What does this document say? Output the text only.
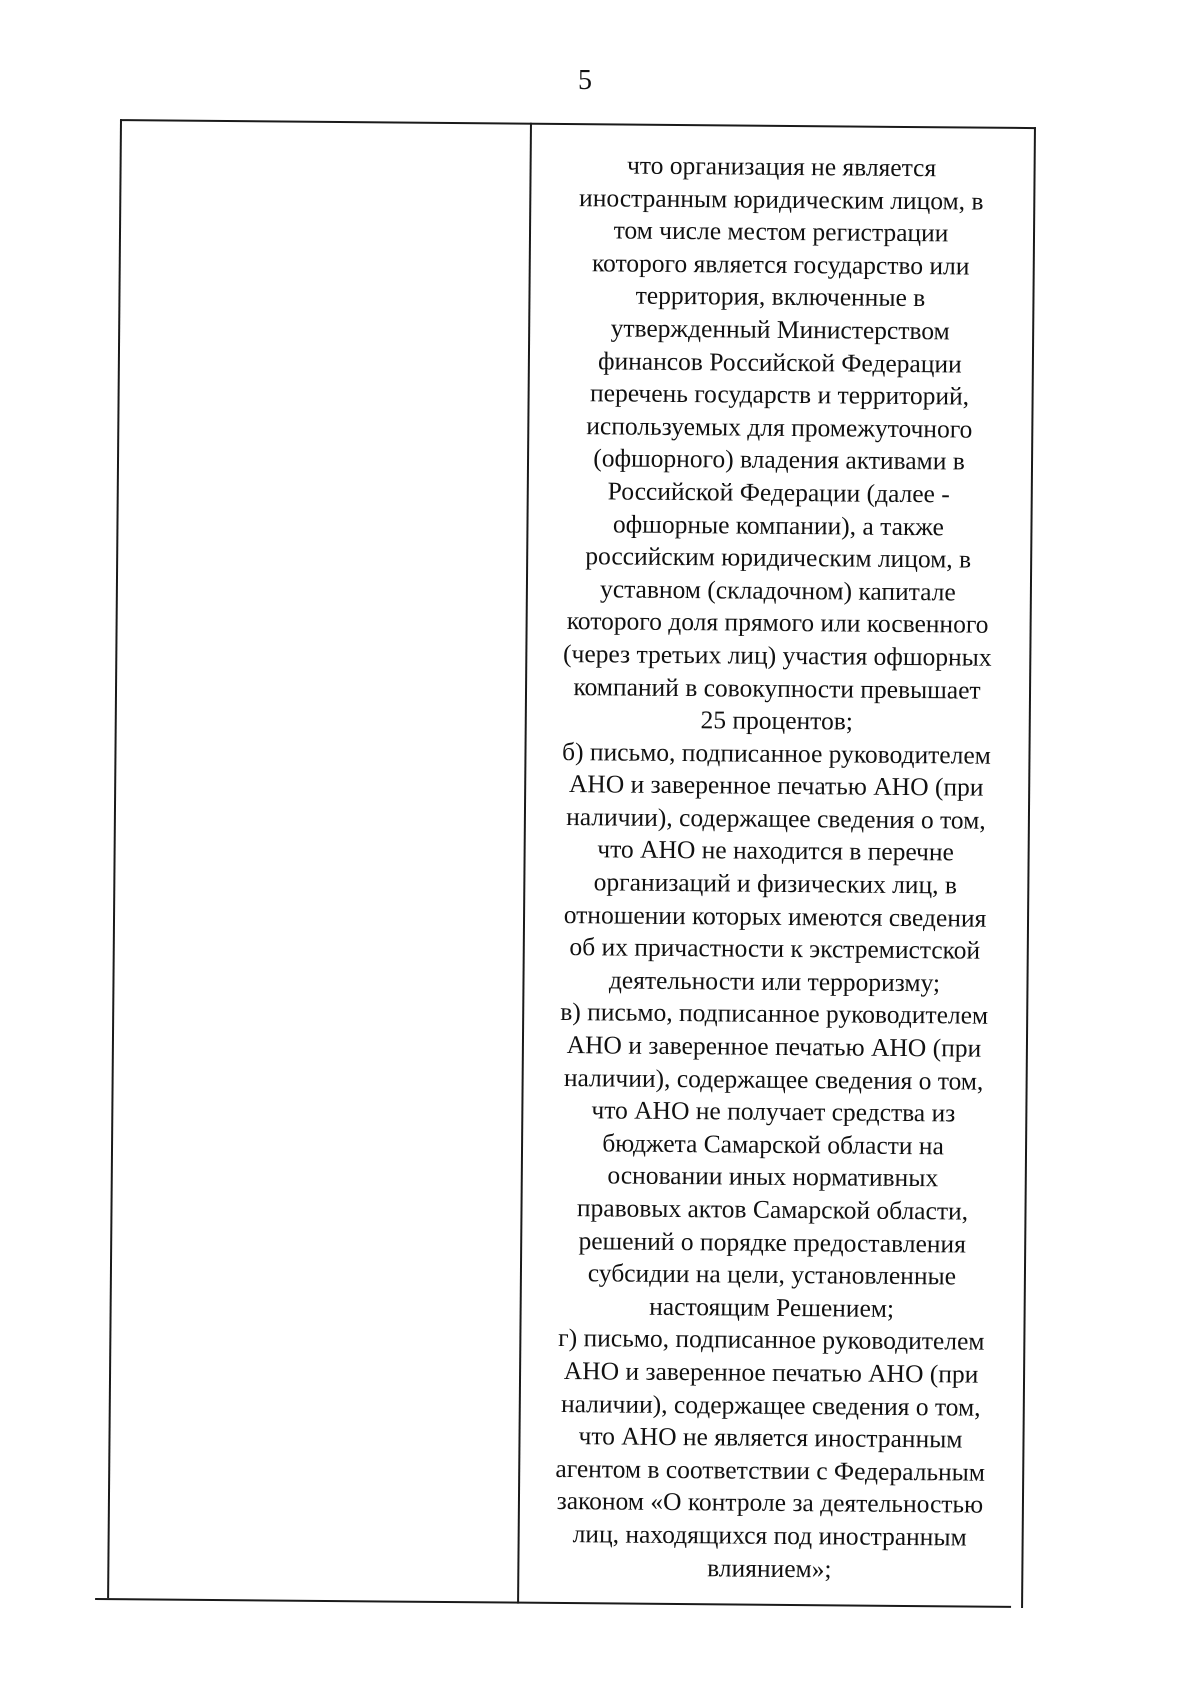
5
что организация не является
иностранным юридическим лицом, в
том числе местом регистрации
которого является государство или
территория, включенные в
утвержденный Министерством
финансов Российской Федерации
перечень государств и территорий,
используемых для промежуточного
(офшорного) владения активами в
Российской Федерации (далее -
офшорные компании), а также
российским юридическим лицом, в
уставном (складочном) капитале
которого доля прямого или косвенного
(через третьих лиц) участия офшорных
компаний в совокупности превышает
25 процентов;
б) письмо, подписанное руководителем
АНО и заверенное печатью АНО (при
наличии), содержащее сведения о том,
что АНО не находится в перечне
организаций и физических лиц, в
отношении которых имеются сведения
об их причастности к экстремистской
деятельности или терроризму;
в) письмо, подписанное руководителем
АНО и заверенное печатью АНО (при
наличии), содержащее сведения о том,
что АНО не получает средства из
бюджета Самарской области на
основании иных нормативных
правовых актов Самарской области,
решений о порядке предоставления
субсидии на цели, установленные
настоящим Решением;
г) письмо, подписанное руководителем
АНО и заверенное печатью АНО (при
наличии), содержащее сведения о том,
что АНО не является иностранным
агентом в соответствии с Федеральным
законом «О контроле за деятельностью
лиц, находящихся под иностранным
влиянием»;
